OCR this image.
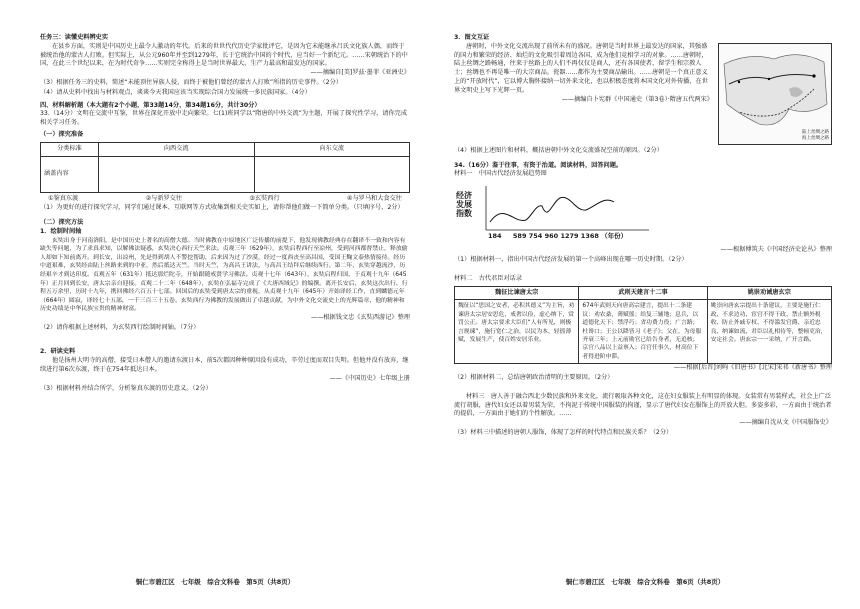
任务三：读懂史料辨史实
在县乡方面，实则是中国历史上最令人激动的年代。后来的世世代代历史学家批评它，是因为它未能继承吕氏文化族人偶，而终于被统治他的蒙古人打败。但实际上，从公元960年并至到1279年，长于它统治中国的个时代，应当好一个新纪元。……宋朝统治下的中国，在此三个世纪以来，在为时代奇争……实则完全称得上是当时世界最大，生产力最高和最发达的国家。
——摘编自[美]罗兹·墨菲《亚洲史》
（3）根据任务三的史料，简述“未能顶住异族人侵，而终于被他们曾经的蒙古人打败”所指的历史事件。（2分）
（4）请从史料中找出与材料观点，谈谈今天我国应该当实现综合国力发展统一多民族国家。（4分）
四、材料解析题（本大题有2个小题，第33题14分，第34题16分，共计30分）
33.（14分）文明在交流中互鉴，世界在深化开放中走向繁荣。七(1)班同学以“隋唐的中外交流”为主题，开展了探究性学习，请你完成相关学习任务。
（一）探究准备
分类标准	向西交流	向东交流
涵盖内容		
①鉴真东渡	②与新罗交往	③玄奘西行	④与罗马和大食交往
（1）为更好的进行探究学习，同学们通过课本、互联网等方式收集到相关史实如上，请你帮他们做一下简单分类。（只填序号，2分）
（二）探究方法
1．绘制时间轴
玄奘出身于河南洛阳，是中国历史上著名的高僧大德。当时佛教在中原地区广泛传播的前提下，他发现佛教经典存在翻译不一致和内容有缺失等问题，为了求真求知，以解佛法疑惑，玄奘决心西行天竺求法。贞观三年（629年），玄奘启程西行至凉州，受到河西都督禁止，释放偷人却如下知前离开。到长安，出凉州，先是得到胡人不警挖帮助，后来因为过了沙漠，经过一度西丧至高昌国，受国王麴文泰热情接待。经历中道艰难，玄奘经由陆上丝路来到的中亚，然后抵达天竺。当时天竺，为高昌王讲法，与高昌王结拜后继续西行。第二年，玄奘穿越流沙，历经艰辛才到达印度。贞观五年（631年）抵达那烂陀寺，开始跟随戒贤学习佛法。贞观十七年（643年），玄奘启程归国，于贞观十九年（645年）正月回到长安，唐太宗亲自迎接。贞观二十二年（648年），玄奘在弘福寺完成了《大唐西域记》的编撰。离开长安后，玄奘这次出行，行程五万余里，历时十九年，携回佛经六百五十七部。回国后的玄奘受到唐太宗的重视，从贞观十九年（645年）开始译经工作，直到麟德元年（664年）圆寂，译经七十五部，一千三百三十五卷。玄奘西行为佛教的发展做出了卓越贡献，为中外文化交流史上的光辉篇章，他的精神和历史功绩是中华民族宝贵的精神财富。
——根据钱文忠《玄奘西游记》整理
（2）请你根据上述材料，为玄奘西行绘制时间轴。（7分）
2．研读史料
他是扬州大明寺的高僧，接受日本僧人的邀请东渡日本，前5次都因种种原因没有成功，辛劳过度而双目失明。但他并没有放弃，继续进行第6次东渡，终于在754年抵达日本。
——《中国历史》七年级上册
（3）根据材料并结合所学，分析鉴真东渡的历史意义。（2分）
铜仁市碧江区　七年级　综合文科卷　第5页（共8页）
3．图文互证
陆上丝绸之路
海上丝绸之路
唐朝时，中外文化交流出现了前所未有的盛况。唐朝是当时世界上最发达的国家，其强盛的国力和繁荣的经济、灿烂的文化吸引着周边各国，成为他们竞相学习的对象。……唐朝时，陆上丝绸之路畅通，往来于丝路上的人们不再仅仅是商人，还有各国使者、留学生和宗教人士；丝绸也不再是唯一的大宗商品。瓷器……都作为主要商品输出。……唐朝是一个真正意义上的“开放时代”，它以博大胸怀接纳一切外来文化，也以积极态度将本国文化对外传播，在世界文明史上写下光辉一页。
——摘编自卜宪群《中国通史（第3卷）·隋唐五代两宋》
（4）根据上述图片和材料，概括唐朝中外文化交流盛况空前的原因。（2分）
34.（16分）鉴于往事，有资于治道。阅读材料，回答问题。
材料一　中国古代经济发展趋势图
经济
发展
指数
184 589 754 960 1279 1368 （年份）
——根据傅筑夫《中国经济史论丛》整理
（1）根据材料一，指出中国古代经济发展的第一个高峰出现在哪一历史时期。（2分）
材料二　古代君臣对话录
魏征比谏唐太宗	武则天建言十二事	姚崇劝诫唐玄宗
魏征以“思国之安者，必积其德义”为主旨，劝谏唐太宗居安思危，戒奢以俭，虚心纳下，赏罚公正。唐太宗要求大臣们“人有所见，则极言规谏”，施行宽仁之治，以民为本，轻徭薄赋，发展生产，使百姓安居乐业。	674年武则天向唐高宗建言，提出十二条建议：劝农桑，薄赋徭；给复三辅地；息兵，以道德化天下；禁浮巧；省功费力役；广言路；杜谗口；王公以降皆习《老子》；父在，为母服齐衰三年；上元前勋官已给告身者，无追核；京官八品以上益禀入；百官任事久，材高位下者得进阶申滞。	姚崇向唐玄宗提出十条建议，主要是施行仁政、不求边功、宦官不得干政、禁止额外税收、防止外戚专权、不得滥发官爵、亲近忠良、纳谏如流、君臣以礼相待等，整顿吏治，安定社会。唐玄宗一一采纳，广开言路。
——根据[后晋]刘昫《旧唐书》[北宋]宋祁《新唐书》整理
（2）根据材料二，总结唐朝政治清明的主要原因。（2分）
材料三　唐人善于融合西北少数民族和外来文化，流行吸取各种文化，这在妇女服装上有明显的体现。女装常有男装样式，社会上广泛流行胡服，唐代妇女还以着男装为荣，不拘泥于传统中国服装的拘谨，显示了唐代妇女在服饰上的开放大胆、多姿多彩，一方面由于统治者的提倡，一方面由于她们的个性解放。……
——摘编自沈从文《中国服饰史》
（3）材料三中描述的唐朝人服饰，体现了怎样的时代特点和民族关系？（2分）
铜仁市碧江区　七年级　综合文科卷　第6页（共8页）
